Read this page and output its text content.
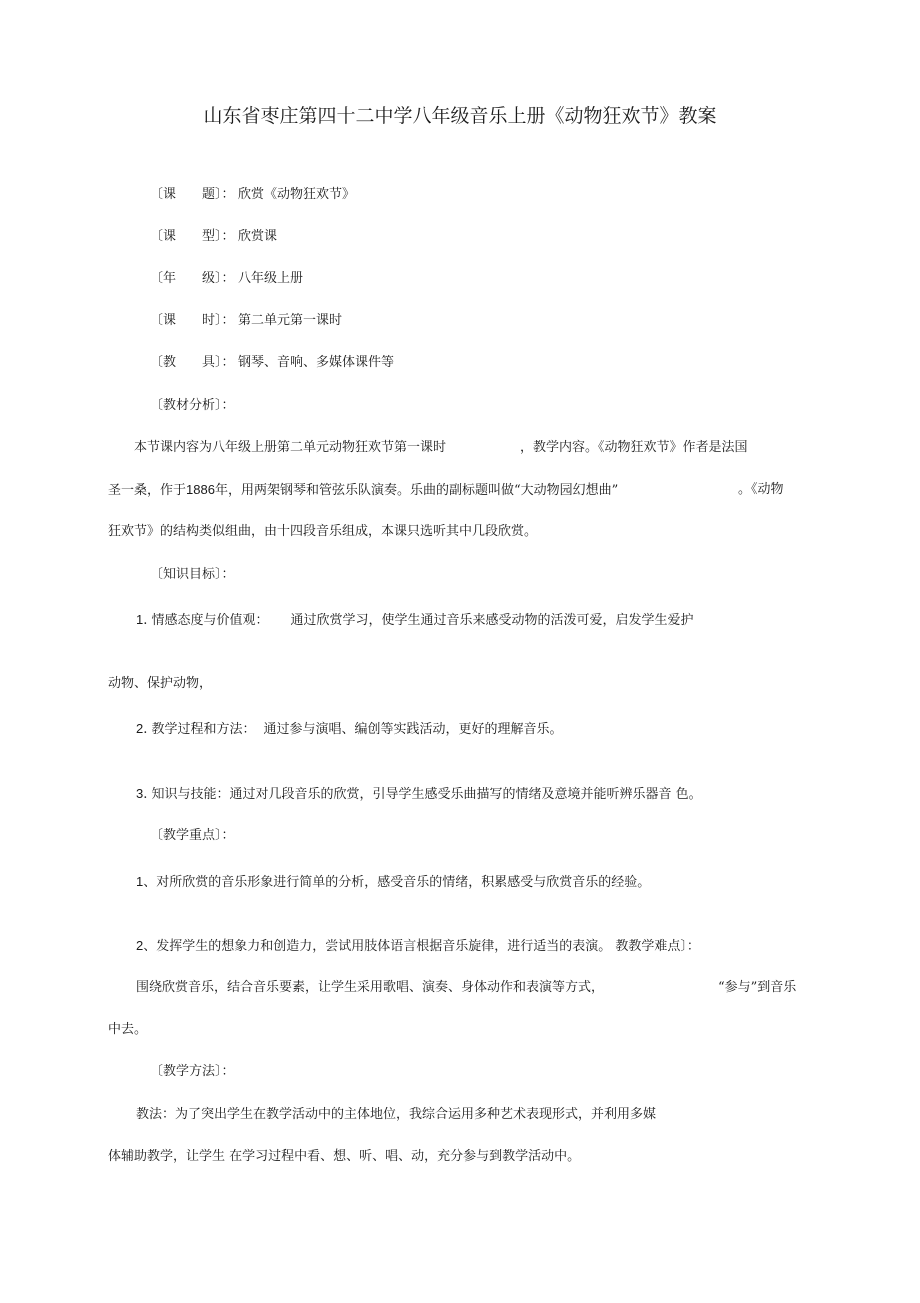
山东省枣庄第四十二中学八年级音乐上册《动物狂欢节》教案
〔课　　题〕： 欣赏《动物狂欢节》
〔课　　型〕： 欣赏课
〔年　　级〕： 八年级上册
〔课　　时〕： 第二单元第一课时
〔教　　具〕： 钢琴、音响、多媒体课件等
〔教材分析〕：
本节课内容为八年级上册第二单元动物狂欢节第一课时	，教学内容。《动物狂欢节》作者是法国
圣一桑，作于1886年，用两架钢琴和管弦乐队演奏。乐曲的副标题叫做“大动物园幻想曲”	。《动物
狂欢节》的结构类似组曲，由十四段音乐组成，本课只选听其中几段欣赏。
〔知识目标〕：
1. 情感态度与价值观： 通过欣赏学习，使学生通过音乐来感受动物的活泼可爱，启发学生爱护
动物、保护动物，
2. 教学过程和方法： 通过参与演唱、编创等实践活动，更好的理解音乐。
3. 知识与技能：通过对几段音乐的欣赏，引导学生感受乐曲描写的情绪及意境并能听辨乐器音 色。
〔教学重点〕：
1、对所欣赏的音乐形象进行简单的分析，感受音乐的情绪，积累感受与欣赏音乐的经验。
2、发挥学生的想象力和创造力，尝试用肢体语言根据音乐旋律，进行适当的表演。 教教学难点〕：
围绕欣赏音乐，结合音乐要素，让学生采用歌唱、演奏、身体动作和表演等方式，	“参与”到音乐
中去。
〔教学方法〕：
教法：为了突出学生在教学活动中的主体地位，我综合运用多种艺术表现形式，并利用多媒
体辅助教学，让学生 在学习过程中看、想、听、唱、动，充分参与到教学活动中。
